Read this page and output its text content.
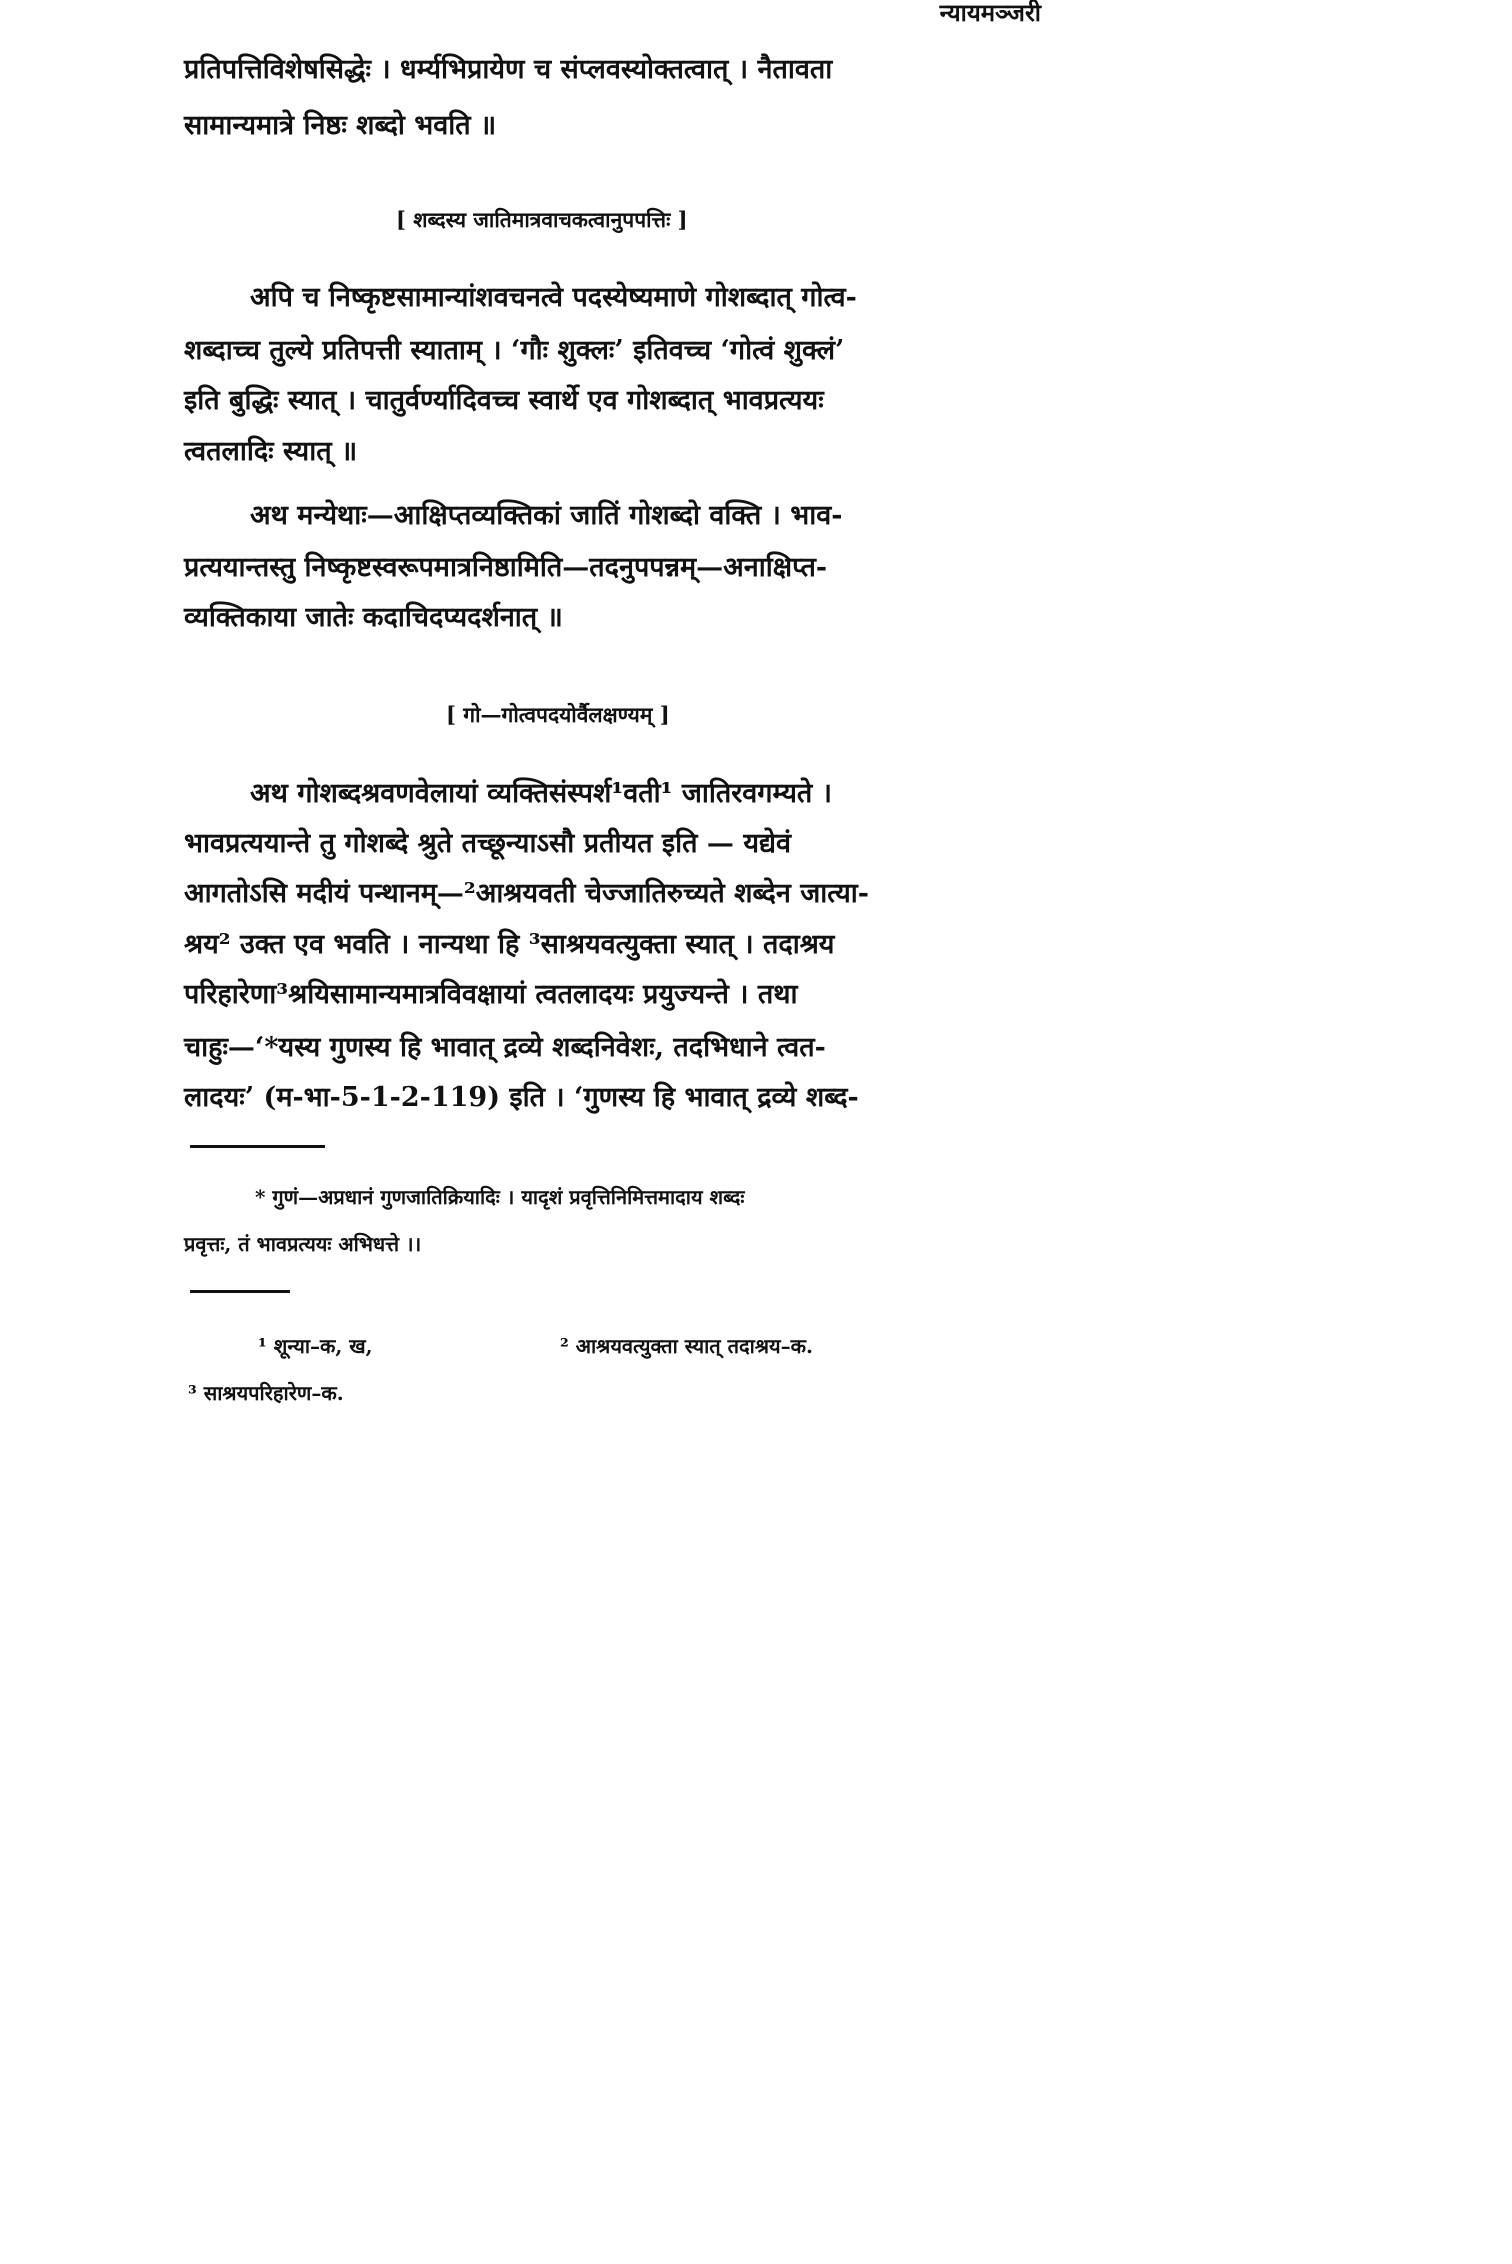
न्यायमञ्जरी
प्रतिपत्तिविशेषसिद्धेः । धर्म्यभिप्रायेण च संप्लवस्योक्तत्वात् । नैतावता
सामान्यमात्रे निष्ठः शब्दो भवति ॥
[ शब्दस्य जातिमात्रवाचकत्वानुपपत्तिः ]
अपि च निष्कृष्टसामान्यांशवचनत्वे पदस्येष्यमाणे गोशब्दात् गोत्व-
शब्दाच्च तुल्ये प्रतिपत्ती स्याताम् । ‘गौः शुक्लः’ इतिवच्च ‘गोत्वं शुक्लं’
इति बुद्धिः स्यात् । चातुर्वर्ण्यादिवच्च स्वार्थे एव गोशब्दात् भावप्रत्ययः
त्वतलादिः स्यात् ॥
अथ मन्येथाः—आक्षिप्तव्यक्तिकां जातिं गोशब्दो वक्ति । भाव-
प्रत्ययान्तस्तु निष्कृष्टस्वरूपमात्रनिष्ठामिति—तदनुपपन्नम्—अनाक्षिप्त-
व्यक्तिकाया जातेः कदाचिदप्यदर्शनात् ॥
[ गो—गोत्वपदयोर्वैलक्षण्यम् ]
अथ गोशब्दश्रवणवेलायां व्यक्तिसंस्पर्श¹वती¹ जातिरवगम्यते ।
भावप्रत्ययान्ते तु गोशब्दे श्रुते तच्छून्याऽसौ प्रतीयत इति — यद्येवं
आगतोऽसि मदीयं पन्थानम्—²आश्रयवती चेज्जातिरुच्यते शब्देन जात्या-
श्रय² उक्त एव भवति । नान्यथा हि ³साश्रयवत्युक्ता स्यात् । तदाश्रय
परिहारेणा³श्रयिसामान्यमात्रविवक्षायां त्वतलादयः प्रयुज्यन्ते । तथा
चाहुः—‘*यस्य गुणस्य हि भावात् द्रव्ये शब्दनिवेशः, तदभिधाने त्वत-
लादयः’ (म-भा-5-1-2-119) इति । ‘गुणस्य हि भावात् द्रव्ये शब्द-
* गुणं—अप्रधानं गुणजातिक्रियादिः । यादृशं प्रवृत्तिनिमित्तमादाय शब्दः
प्रवृत्तः, तं भावप्रत्ययः अभिधत्ते ।।
¹ शून्या–क, ख,	² आश्रयवत्युक्ता स्यात् तदाश्रय–क.
³ साश्रयपरिहारेण–क.
